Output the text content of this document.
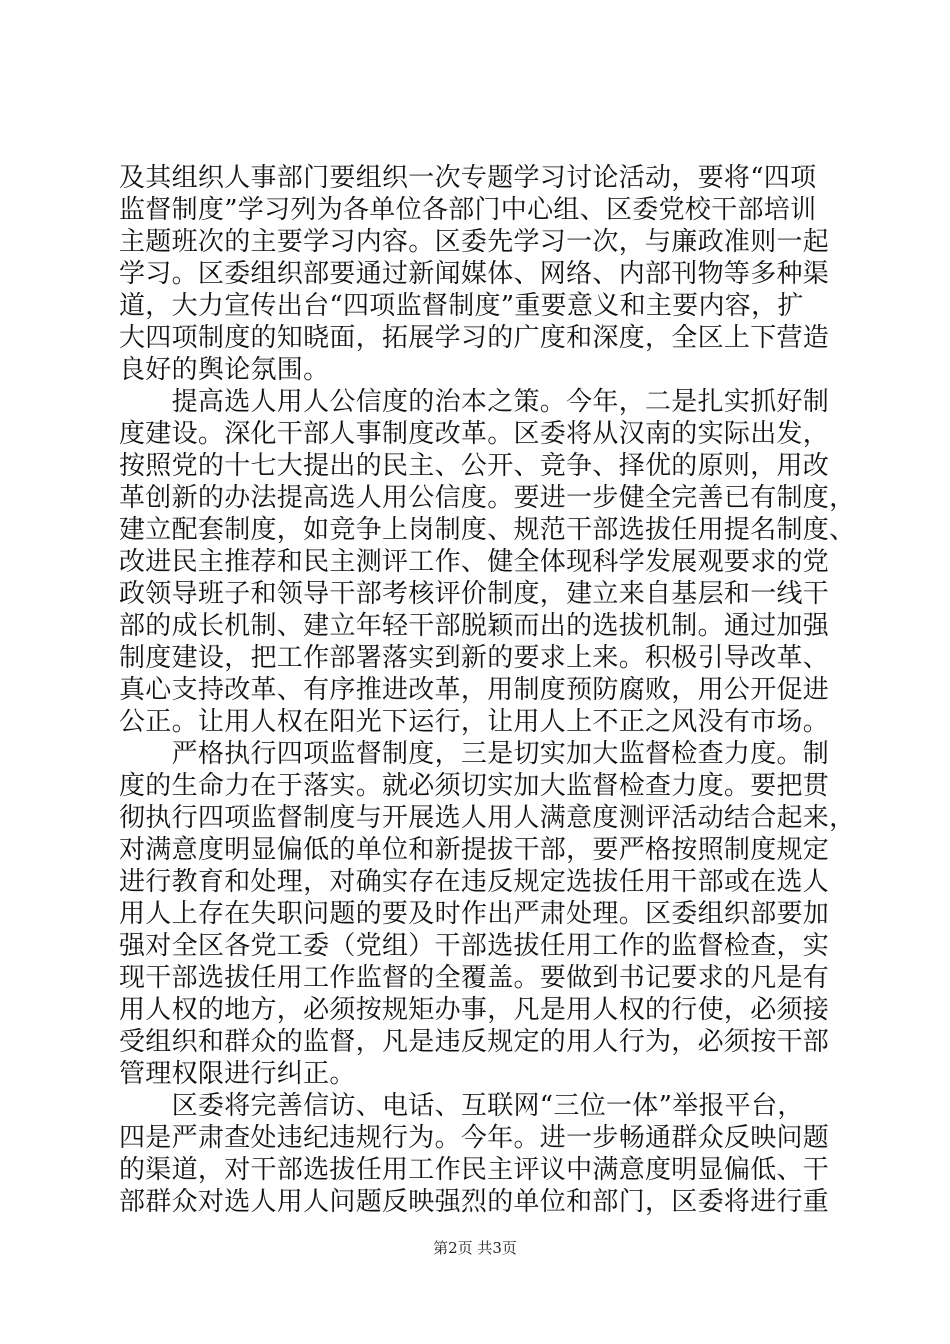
及其组织人事部门要组织一次专题学习讨论活动，要将“四项
监督制度”学习列为各单位各部门中心组、区委党校干部培训
主题班次的主要学习内容。区委先学习一次，与廉政准则一起
学习。区委组织部要通过新闻媒体、网络、内部刊物等多种渠
道，大力宣传出台“四项监督制度”重要意义和主要内容，扩
大四项制度的知晓面，拓展学习的广度和深度，全区上下营造
良好的舆论氛围。
　　提高选人用人公信度的治本之策。今年，二是扎实抓好制
度建设。深化干部人事制度改革。区委将从汉南的实际出发，
按照党的十七大提出的民主、公开、竞争、择优的原则，用改
革创新的办法提高选人用公信度。要进一步健全完善已有制度，
建立配套制度，如竞争上岗制度、规范干部选拔任用提名制度、
改进民主推荐和民主测评工作、健全体现科学发展观要求的党
政领导班子和领导干部考核评价制度，建立来自基层和一线干
部的成长机制、建立年轻干部脱颖而出的选拔机制。通过加强
制度建设，把工作部署落实到新的要求上来。积极引导改革、
真心支持改革、有序推进改革，用制度预防腐败，用公开促进
公正。让用人权在阳光下运行，让用人上不正之风没有市场。
　　严格执行四项监督制度，三是切实加大监督检查力度。制
度的生命力在于落实。就必须切实加大监督检查力度。要把贯
彻执行四项监督制度与开展选人用人满意度测评活动结合起来，
对满意度明显偏低的单位和新提拔干部，要严格按照制度规定
进行教育和处理，对确实存在违反规定选拔任用干部或在选人
用人上存在失职问题的要及时作出严肃处理。区委组织部要加
强对全区各党工委（党组）干部选拔任用工作的监督检查，实
现干部选拔任用工作监督的全覆盖。要做到书记要求的凡是有
用人权的地方，必须按规矩办事，凡是用人权的行使，必须接
受组织和群众的监督，凡是违反规定的用人行为，必须按干部
管理权限进行纠正。
　　区委将完善信访、电话、互联网“三位一体”举报平台，
四是严肃查处违纪违规行为。今年。进一步畅通群众反映问题
的渠道，对干部选拔任用工作民主评议中满意度明显偏低、干
部群众对选人用人问题反映强烈的单位和部门，区委将进行重
第2页 共3页
